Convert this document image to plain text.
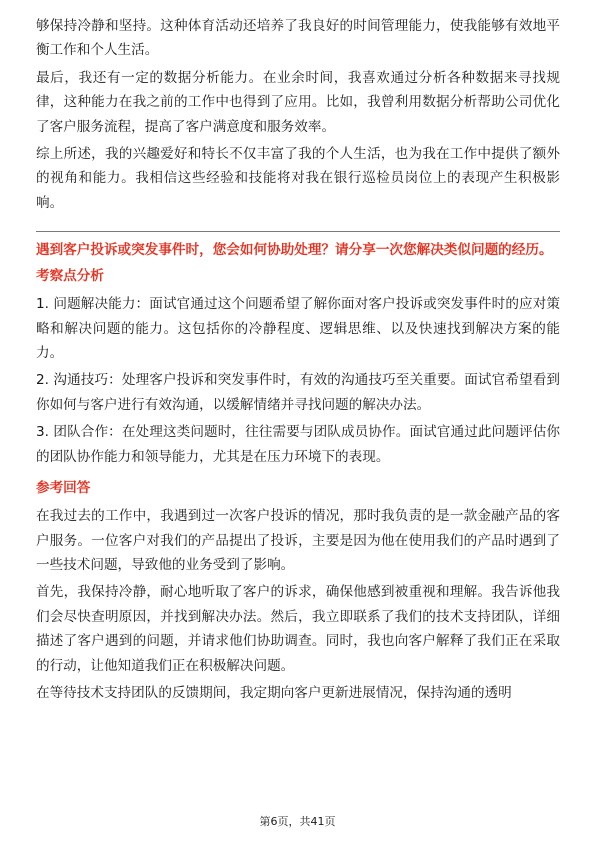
够保持冷静和坚持。这种体育活动还培养了我良好的时间管理能力，使我能够有效地平衡工作和个人生活。

最后，我还有一定的数据分析能力。在业余时间，我喜欢通过分析各种数据来寻找规律，这种能力在我之前的工作中也得到了应用。比如，我曾利用数据分析帮助公司优化了客户服务流程，提高了客户满意度和服务效率。

综上所述，我的兴趣爱好和特长不仅丰富了我的个人生活，也为我在工作中提供了额外的视角和能力。我相信这些经验和技能将对我在银行巡检员岗位上的表现产生积极影响。

遇到客户投诉或突发事件时，您会如何协助处理？请分享一次您解决类似问题的经历。

考察点分析

1. 问题解决能力：面试官通过这个问题希望了解你面对客户投诉或突发事件时的应对策略和解决问题的能力。这包括你的冷静程度、逻辑思维、以及快速找到解决方案的能力。

2. 沟通技巧：处理客户投诉和突发事件时，有效的沟通技巧至关重要。面试官希望看到你如何与客户进行有效沟通，以缓解情绪并寻找问题的解决办法。

3. 团队合作：在处理这类问题时，往往需要与团队成员协作。面试官通过此问题评估你的团队协作能力和领导能力，尤其是在压力环境下的表现。

参考回答

在我过去的工作中，我遇到过一次客户投诉的情况，那时我负责的是一款金融产品的客户服务。一位客户对我们的产品提出了投诉，主要是因为他在使用我们的产品时遇到了一些技术问题，导致他的业务受到了影响。

首先，我保持冷静，耐心地听取了客户的诉求，确保他感到被重视和理解。我告诉他我们会尽快查明原因，并找到解决办法。然后，我立即联系了我们的技术支持团队，详细描述了客户遇到的问题，并请求他们协助调查。同时，我也向客户解释了我们正在采取的行动，让他知道我们正在积极解决问题。

在等待技术支持团队的反馈期间，我定期向客户更新进展情况，保持沟通的透明

第6页，共41页
